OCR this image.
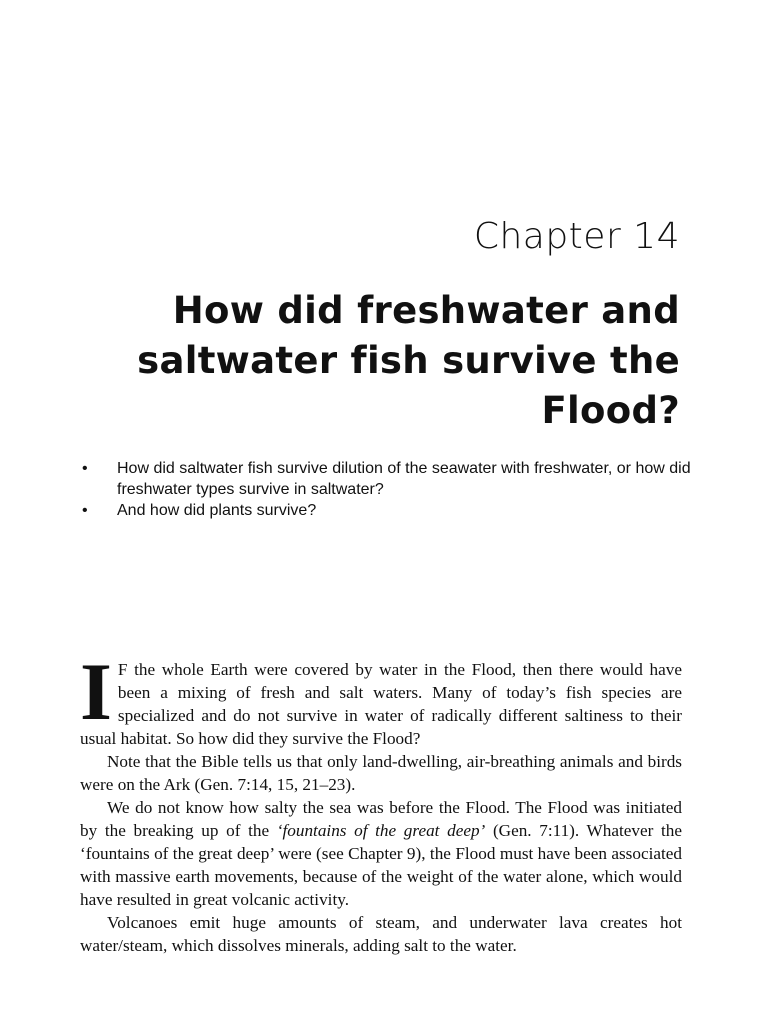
Chapter 14
How did freshwater and
saltwater fish survive the
Flood?
• How did saltwater fish survive dilution of the seawater with freshwater, or how did freshwater types survive in saltwater?
• And how did plants survive?

I F the whole Earth were covered by water in the Flood, then there would have been a mixing of fresh and salt waters. Many of today’s fish species are specialized and do not survive in water of radically different saltiness to their usual habitat. So how did they survive the Flood?

Note that the Bible tells us that only land-dwelling, air-breathing animals and birds were on the Ark (Gen. 7:14, 15, 21–23).

We do not know how salty the sea was before the Flood. The Flood was initiated by the breaking up of the ‘fountains of the great deep’ (Gen. 7:11). Whatever the ‘fountains of the great deep’ were (see Chapter 9), the Flood must have been associated with massive earth movements, because of the weight of the water alone, which would have resulted in great volcanic activity.

Volcanoes emit huge amounts of steam, and underwater lava creates hot water/steam, which dissolves minerals, adding salt to the water.
